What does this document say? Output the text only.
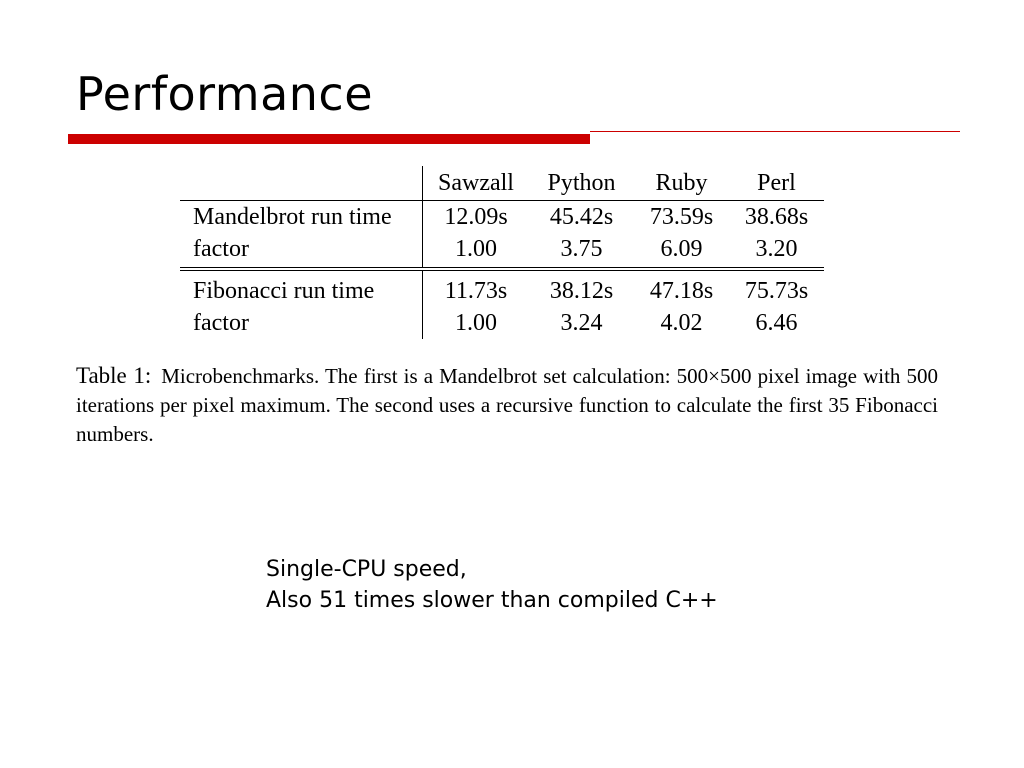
Performance
	Sawzall	Python	Ruby	Perl
Mandelbrot run time	12.09s	45.42s	73.59s	38.68s
factor	1.00	3.75	6.09	3.20
Fibonacci run time	11.73s	38.12s	47.18s	75.73s
factor	1.00	3.24	4.02	6.46

Table 1: Microbenchmarks. The first is a Mandelbrot set calculation: 500×500 pixel image with 500 iterations per pixel maximum. The second uses a recursive function to calculate the first 35 Fibonacci numbers.

Single-CPU speed,
Also 51 times slower than compiled C++
